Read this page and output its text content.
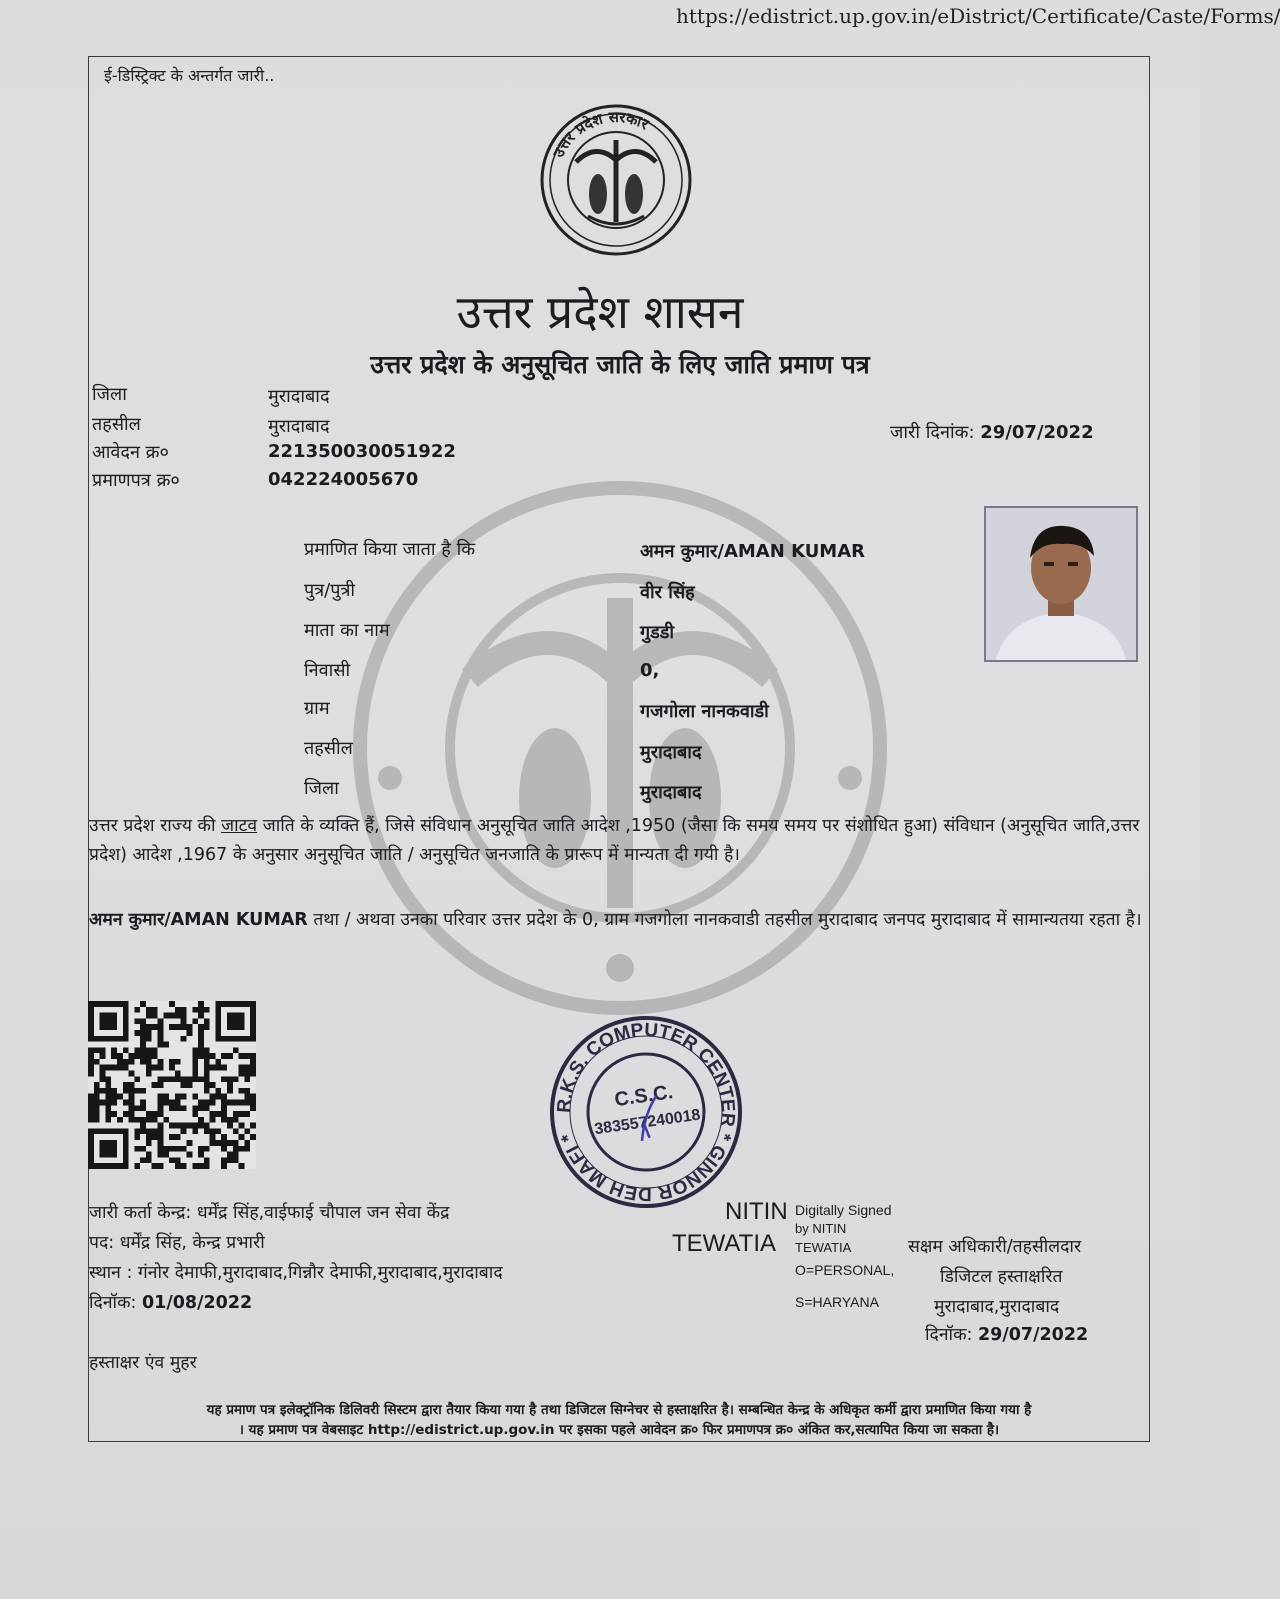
https://edistrict.up.gov.in/eDistrict/Certificate/Caste/Forms/
ई-डिस्ट्रिक्ट के अन्तर्गत जारी..
उत्तर प्रदेश सरकार
उत्तर प्रदेश शासन
उत्तर प्रदेश के अनुसूचित जाति के लिए जाति प्रमाण पत्र
जिला	मुरादाबाद
तहसील	मुरादाबाद
आवेदन क्र०	221350030051922
प्रमाणपत्र क्र०	042224005670
जारी दिनांक: 29/07/2022
प्रमाणित किया जाता है कि	अमन कुमार/AMAN KUMAR
पुत्र/पुत्री	वीर सिंह
माता का नाम	गुडडी
निवासी	0,
ग्राम	गजगोला नानकवाडी
तहसील	मुरादाबाद
जिला	मुरादाबाद
उत्तर प्रदेश राज्य की जाटव जाति के व्यक्ति हैं, जिसे संविधान अनुसूचित जाति आदेश ,1950 (जैसा कि समय समय पर संशोधित हुआ) संविधान (अनुसूचित जाति,उत्तर प्रदेश) आदेश ,1967 के अनुसार अनुसूचित जाति / अनुसूचित जनजाति के प्रारूप में मान्यता दी गयी है।
अमन कुमार/AMAN KUMAR तथा / अथवा उनका परिवार उत्तर प्रदेश के 0, ग्राम गजगोला नानकवाडी तहसील मुरादाबाद जनपद मुरादाबाद में सामान्यतया रहता है।
R.K.S. COMPUTER CENTER * GINNOR DEH MAFI *
C.S.C.
383557240018
जारी कर्ता केन्द्र: धर्मेंद्र सिंह,वाईफाई चौपाल जन सेवा केंद्र
पद: धर्मेंद्र सिंह, केन्द्र प्रभारी
स्थान : गंनोर देमाफी,मुरादाबाद,गिन्नौर देमाफी,मुरादाबाद,मुरादाबाद
दिनॉक: 01/08/2022
NITIN
TEWATIA
Digitally Signed
by NITIN
TEWATIA
O=PERSONAL,
S=HARYANA
सक्षम अधिकारी/तहसीलदार
डिजिटल हस्ताक्षरित
मुरादाबाद,मुरादाबाद
दिनॉक: 29/07/2022
हस्ताक्षर एंव मुहर
यह प्रमाण पत्र इलेक्ट्रॉनिक डिलिवरी सिस्टम द्वारा तैयार किया गया है तथा डिजिटल सिग्नेचर से हस्ताक्षरित है। सम्बन्धित केन्द्र के अधिकृत कर्मी द्वारा प्रमाणित किया गया है
। यह प्रमाण पत्र वेबसाइट http://edistrict.up.gov.in पर इसका पहले आवेदन क्र० फिर प्रमाणपत्र क्र० अंकित कर,सत्यापित किया जा सकता है।
